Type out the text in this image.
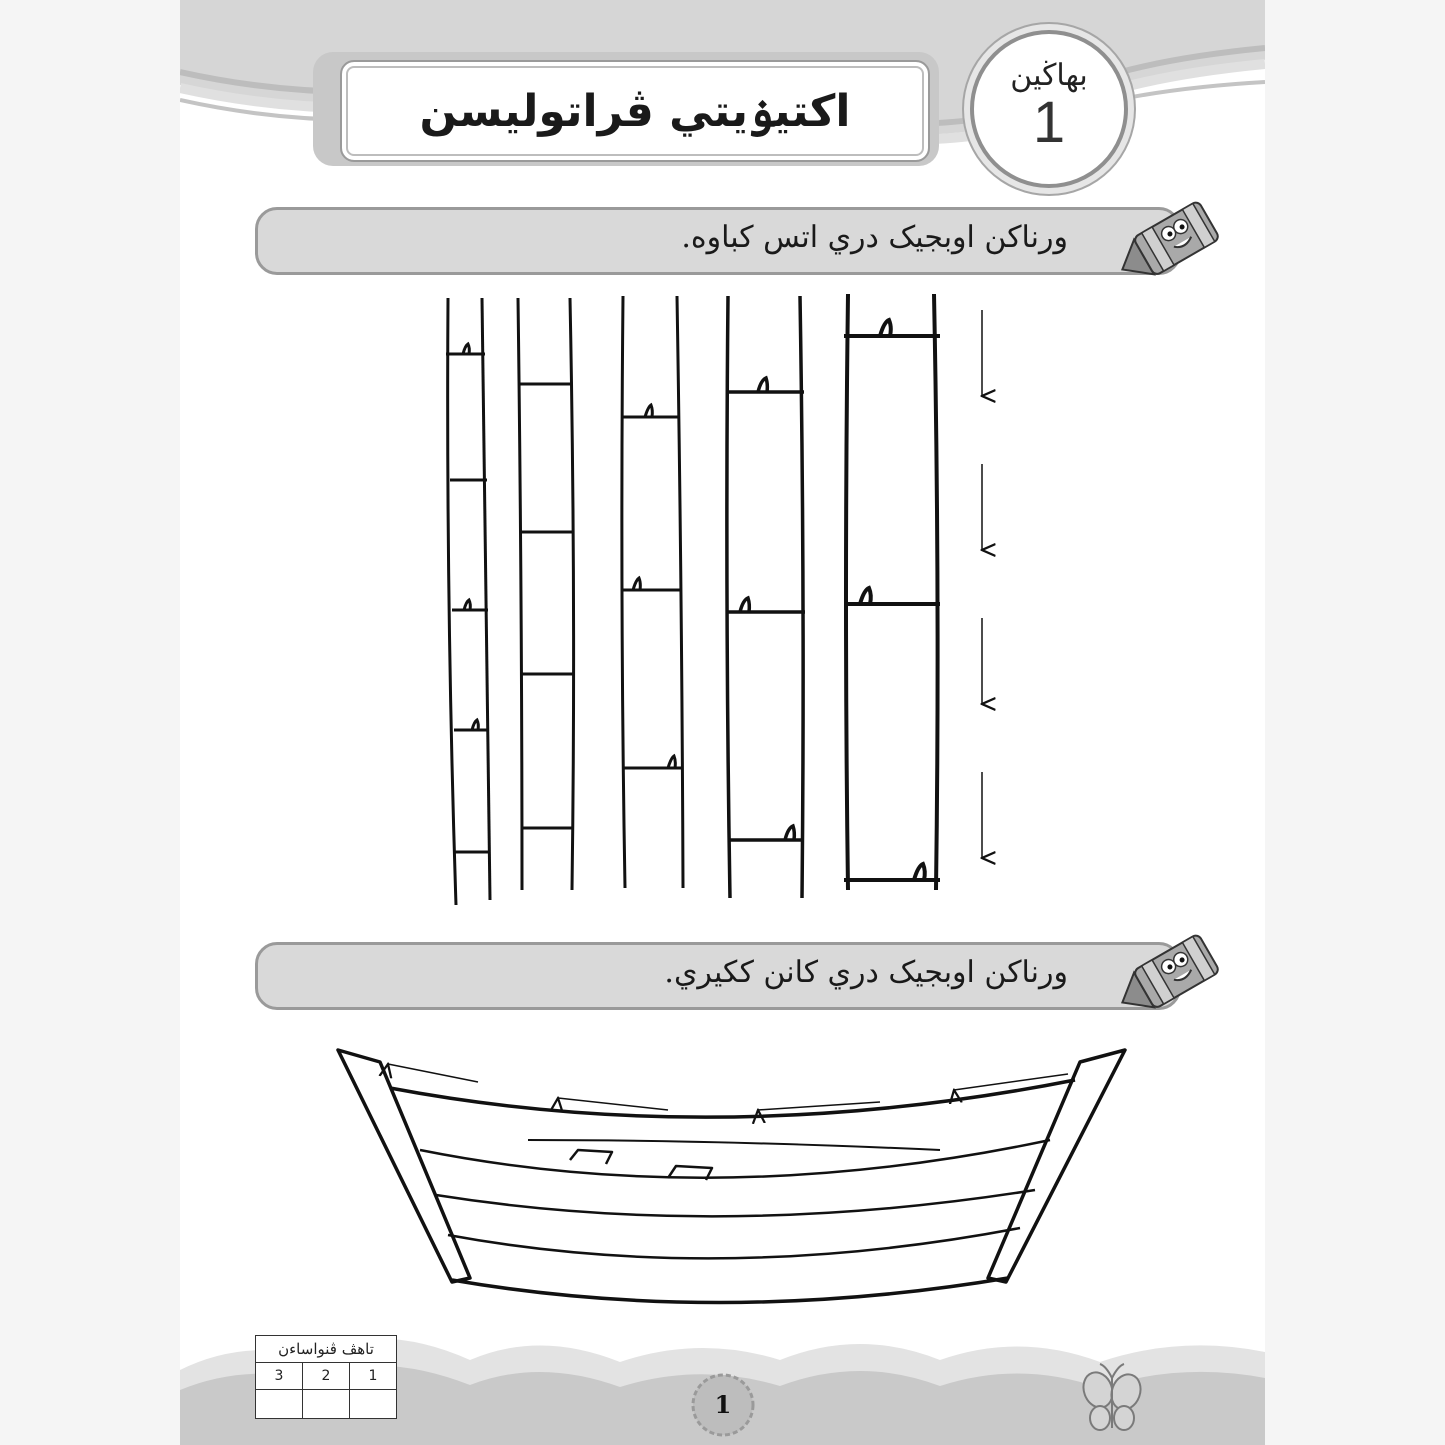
اكتيۏيتي ڤراتوليسن
بهاڬين
1
ورناكن اوبجيک دري اتس كباوه.
ورناكن اوبجيک دري كانن ككيري.
1
تاهڤ ڤنواساءن		
3	2	1
